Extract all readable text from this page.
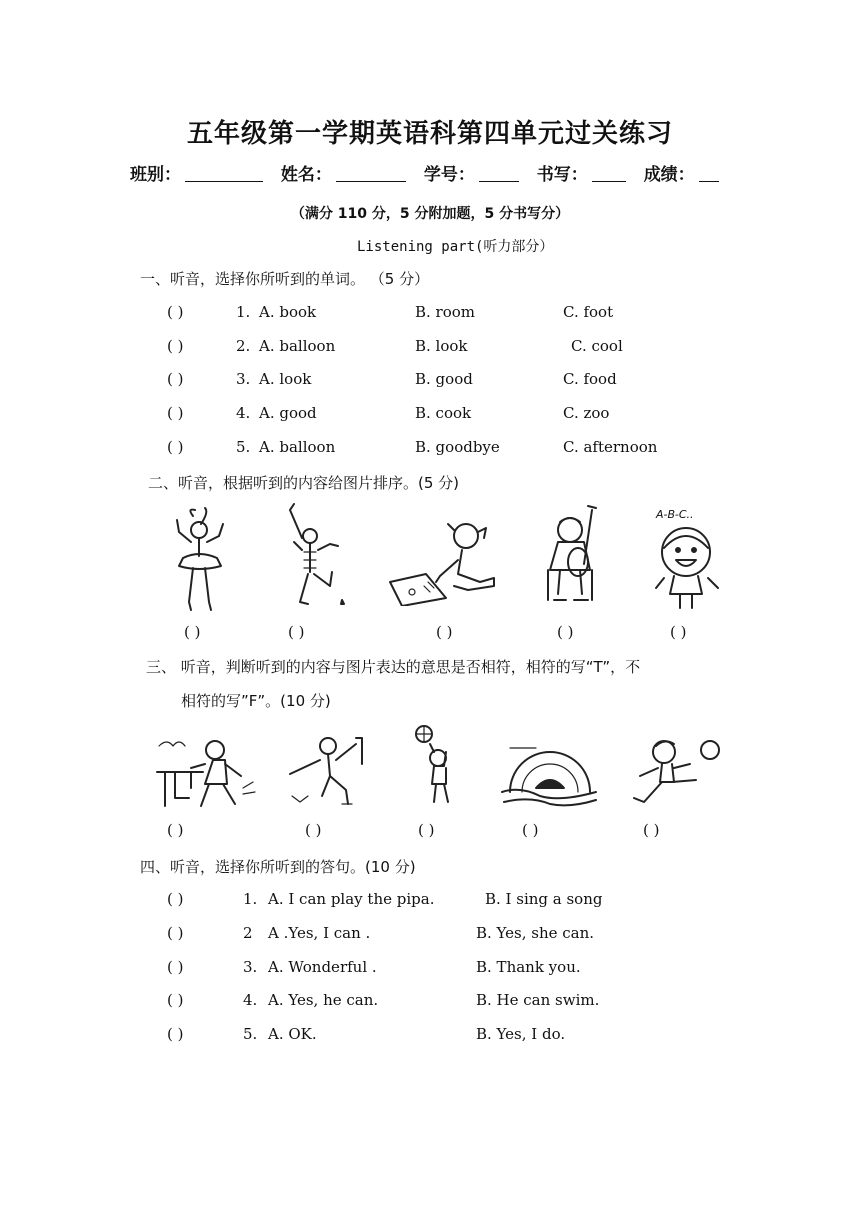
五年级第一学期英语科第四单元过关练习
班别：	姓名：	学号：	书写：	成绩：
（满分 110 分，5 分附加题，5 分书写分）
Listening part(听力部分）
一、听音，选择你所听到的单词。 （5 分）
( )	1. A. book	B. room	C. foot
( )	2. A. balloon	B. look	C. cool
( )	3. A. look	B. good	C. food
( )	4. A. good	B. cook	C. zoo
( )	5. A. balloon	B. goodbye	C. afternoon
二、听音，根据听到的内容给图片排序。(5 分)
A-B-C..
( )	( )	( )	( )	( )
三、 听音，判断听到的内容与图片表达的意思是否相符，相符的写“T”，不
相符的写”F”。(10 分)
( )	( )	( )	( )	( )
四、听音，选择你所听到的答句。(10 分)
( )	1. A. I can play the pipa.	B. I sing a song
( )	2 A .Yes, I can .	B. Yes, she can.
( )	3. A. Wonderful .	B. Thank you.
( )	4. A. Yes, he can.	B. He can swim.
( )	5. A. OK.	B. Yes, I do.
